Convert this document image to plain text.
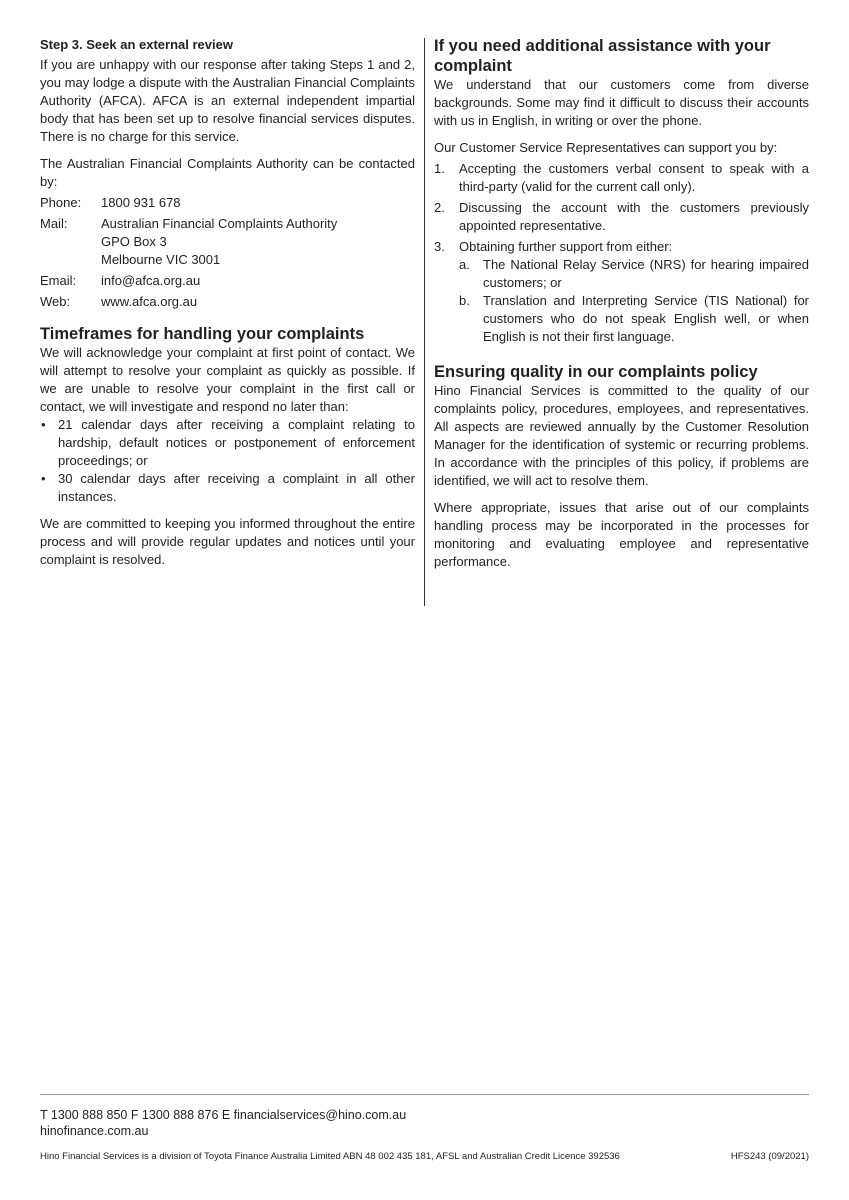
Step 3. Seek an external review

If you are unhappy with our response after taking Steps 1 and 2, you may lodge a dispute with the Australian Financial Complaints Authority (AFCA). AFCA is an external independent impartial body that has been set up to resolve financial services disputes. There is no charge for this service.

The Australian Financial Complaints Authority can be contacted by:

Phone:	1800 931 678
Mail:	Australian Financial Complaints Authority
GPO Box 3
Melbourne VIC 3001
Email:	info@afca.org.au
Web:	www.afca.org.au
Timeframes for handling your complaints

We will acknowledge your complaint at first point of contact. We will attempt to resolve your complaint as quickly as possible. If we are unable to resolve your complaint in the first call or contact, we will investigate and respond no later than:

• 21 calendar days after receiving a complaint relating to hardship, default notices or postponement of enforcement proceedings; or
• 30 calendar days after receiving a complaint in all other instances.

We are committed to keeping you informed throughout the entire process and will provide regular updates and notices until your complaint is resolved.

If you need additional assistance with your complaint

We understand that our customers come from diverse backgrounds. Some may find it difficult to discuss their accounts with us in English, in writing or over the phone.

Our Customer Service Representatives can support you by:

1. Accepting the customers verbal consent to speak with a third-party (valid for the current call only).
2. Discussing the account with the customers previously appointed representative.
3. Obtaining further support from either:
a. The National Relay Service (NRS) for hearing impaired customers; or
b. Translation and Interpreting Service (TIS National) for customers who do not speak English well, or when English is not their first language.
Ensuring quality in our complaints policy

Hino Financial Services is committed to the quality of our complaints policy, procedures, employees, and representatives. All aspects are reviewed annually by the Customer Resolution Manager for the identification of systemic or recurring problems. In accordance with the principles of this policy, if problems are identified, we will act to resolve them.

Where appropriate, issues that arise out of our complaints handling process may be incorporated in the processes for monitoring and evaluating employee and representative performance.

T 1300 888 850 F 1300 888 876 E financialservices@hino.com.au
hinofinance.com.au
Hino Financial Services is a division of Toyota Finance Australia Limited ABN 48 002 435 181, AFSL and Australian Credit Licence 392536	HFS243 (09/2021)
